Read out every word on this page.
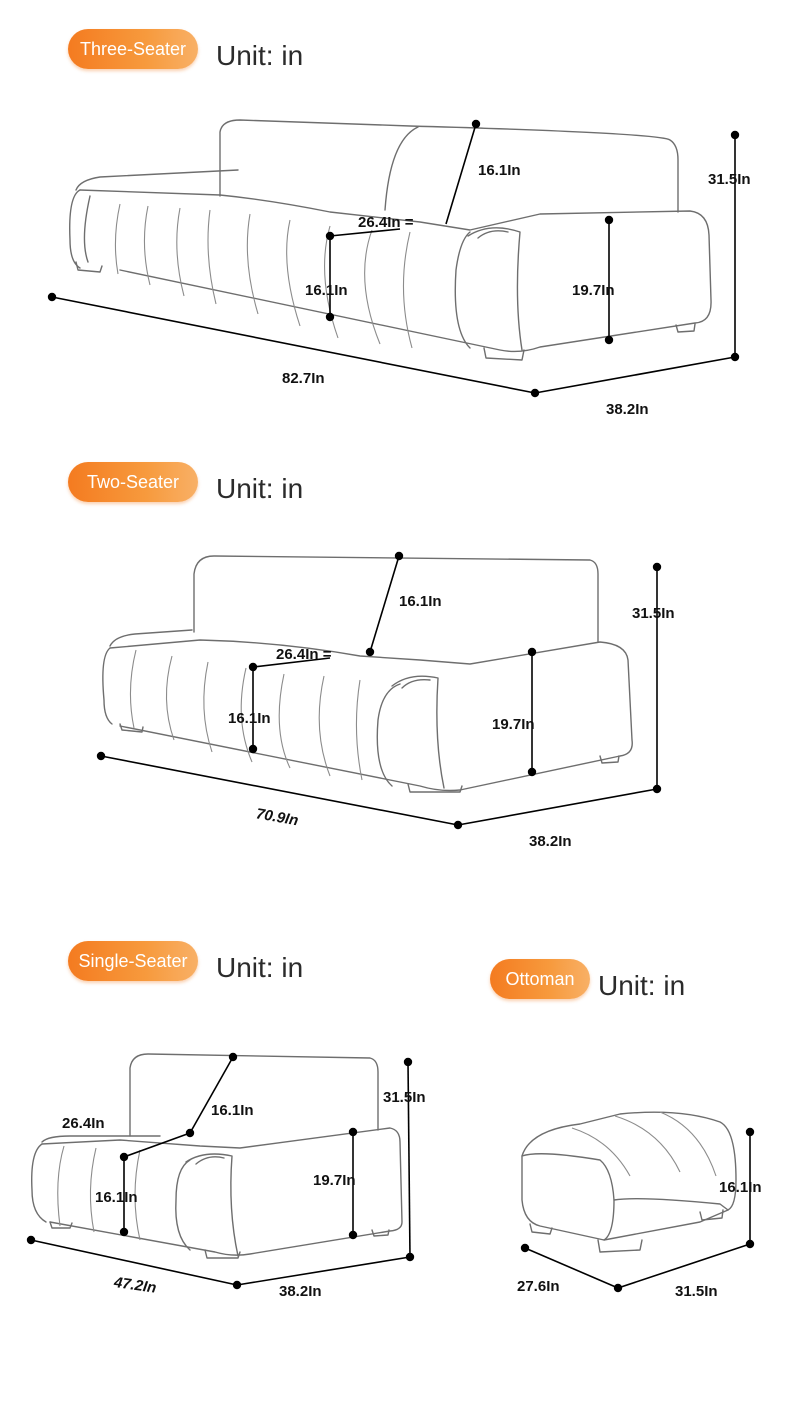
Three-Seater	Unit: in
Two-Seater	Unit: in
Single-Seater	Unit: in	Ottoman Unit: in
16.1In
31.5In
26.4In =
16.1In	19.7In
82.7In
38.2In
16.1In
31.5In
26.4In =
16.1In	19.7In
70.9In
38.2In
26.4In
16.1In
31.5In
16.1In
19.7In
47.2In	38.2In
16.1In
27.6In	31.5In
